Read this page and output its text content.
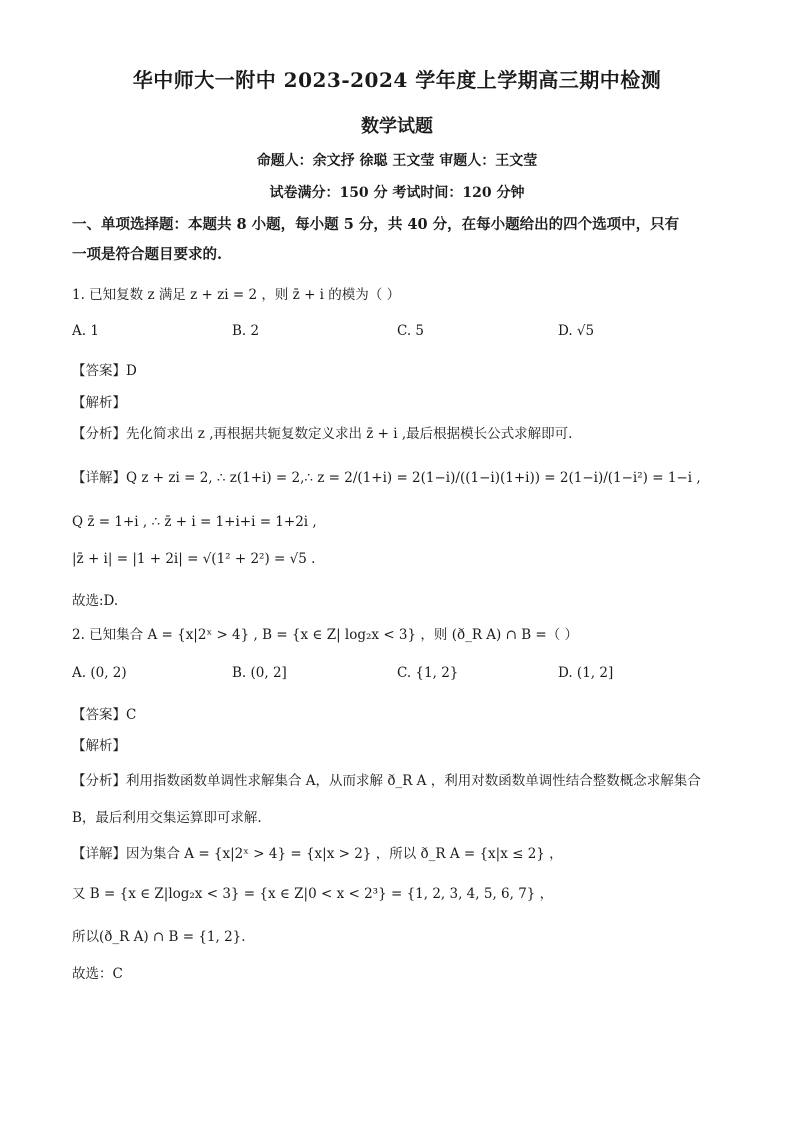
华中师大一附中 2023-2024 学年度上学期高三期中检测
数学试题
命题人：余文抒 徐聪 王文莹 审题人：王文莹
试卷满分：150 分 考试时间：120 分钟
一、单项选择题：本题共 8 小题，每小题 5 分，共 40 分，在每小题给出的四个选项中，只有
一项是符合题目要求的.
1. 已知复数 z 满足 z + zi = 2 ，则 z̄ + i 的模为（ ）
A. 1	B. 2	C. 5	D. √5
【答案】D
【解析】
【分析】先化简求出 z ,再根据共轭复数定义求出 z̄ + i ,最后根据模长公式求解即可.
【详解】Q z + zi = 2, ∴ z(1+i) = 2,∴ z = 2/(1+i) = 2(1−i)/((1−i)(1+i)) = 2(1−i)/(1−i²) = 1−i ,
Q z̄ = 1+i , ∴ z̄ + i = 1+i+i = 1+2i ,
|z̄ + i| = |1 + 2i| = √(1² + 2²) = √5 .
故选:D.
2. 已知集合 A = {x|2ˣ > 4} , B = {x ∈ Z| log₂x < 3} ，则 (ð_R A) ∩ B =（ ）
A. (0, 2)	B. (0, 2]	C. {1, 2}	D. (1, 2]
【答案】C
【解析】
【分析】利用指数函数单调性求解集合 A，从而求解 ð_R A ，利用对数函数单调性结合整数概念求解集合
B，最后利用交集运算即可求解.
【详解】因为集合 A = {x|2ˣ > 4} = {x|x > 2} ，所以 ð_R A = {x|x ≤ 2} ，
又 B = {x ∈ Z|log₂x < 3} = {x ∈ Z|0 < x < 2³} = {1, 2, 3, 4, 5, 6, 7} ，
所以(ð_R A) ∩ B = {1, 2}.
故选：C
